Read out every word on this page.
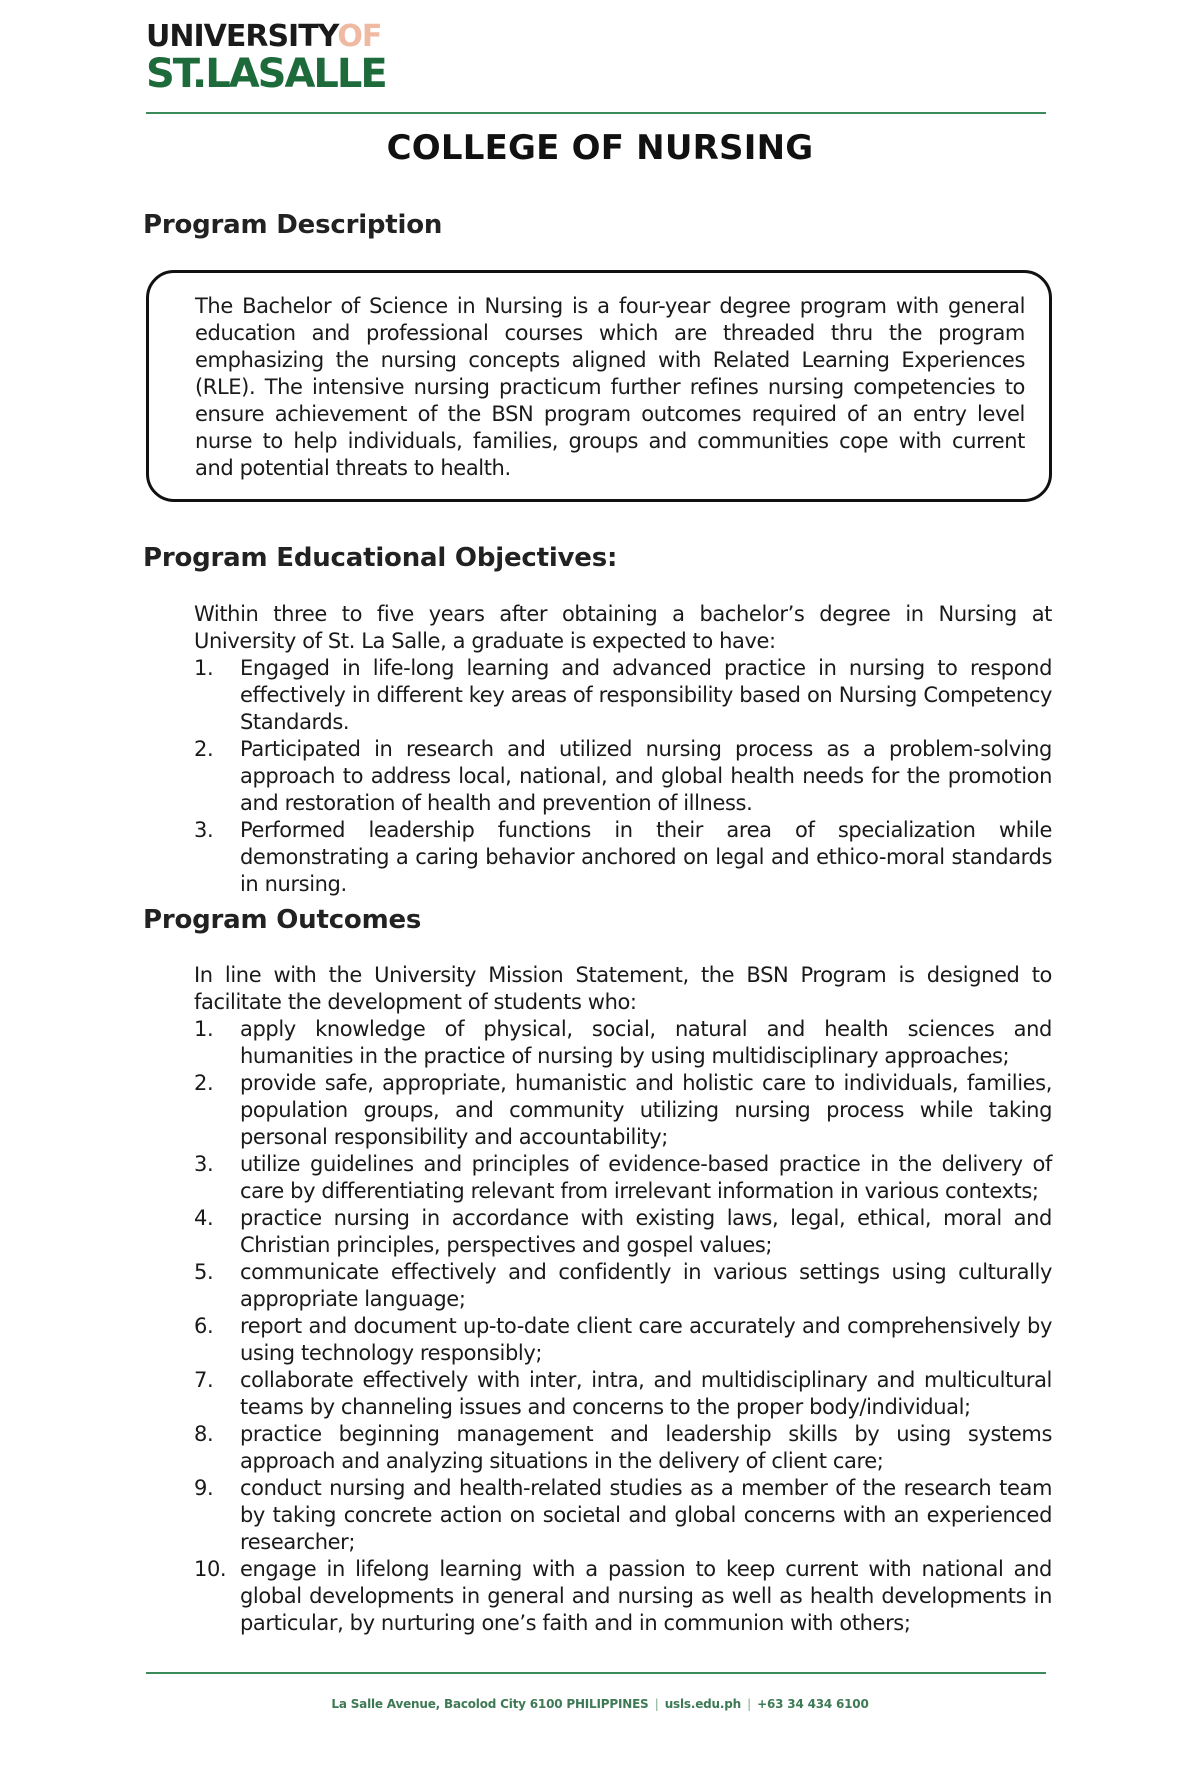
UNIVERSITYOF
ST.LASALLE
COLLEGE OF NURSING
Program Description
The Bachelor of Science in Nursing is a four-year degree program with general education and professional courses which are threaded thru the program emphasizing the nursing concepts aligned with Related Learning Experiences (RLE). The intensive nursing practicum further refines nursing competencies to ensure achievement of the BSN program outcomes required of an entry level nurse to help individuals, families, groups and communities cope with current and potential threats to health.
Program Educational Objectives:
Within three to five years after obtaining a bachelor’s degree in Nursing at University of St. La Salle, a graduate is expected to have:
1. Engaged in life-long learning and advanced practice in nursing to respond effectively in different key areas of responsibility based on Nursing Competency Standards.
2. Participated in research and utilized nursing process as a problem-solving approach to address local, national, and global health needs for the promotion and restoration of health and prevention of illness.
3. Performed leadership functions in their area of specialization while demonstrating a caring behavior anchored on legal and ethico-moral standards in nursing.
Program Outcomes
In line with the University Mission Statement, the BSN Program is designed to facilitate the development of students who:
1. apply knowledge of physical, social, natural and health sciences and humanities in the practice of nursing by using multidisciplinary approaches;
2. provide safe, appropriate, humanistic and holistic care to individuals, families, population groups, and community utilizing nursing process while taking personal responsibility and accountability;
3. utilize guidelines and principles of evidence-based practice in the delivery of care by differentiating relevant from irrelevant information in various contexts;
4. practice nursing in accordance with existing laws, legal, ethical, moral and Christian principles, perspectives and gospel values;
5. communicate effectively and confidently in various settings using culturally appropriate language;
6. report and document up-to-date client care accurately and comprehensively by using technology responsibly;
7. collaborate effectively with inter, intra, and multidisciplinary and multicultural teams by channeling issues and concerns to the proper body/individual;
8. practice beginning management and leadership skills by using systems approach and analyzing situations in the delivery of client care;
9. conduct nursing and health-related studies as a member of the research team by taking concrete action on societal and global concerns with an experienced researcher;
10. engage in lifelong learning with a passion to keep current with national and global developments in general and nursing as well as health developments in particular, by nurturing one’s faith and in communion with others;
La Salle Avenue, Bacolod City 6100 PHILIPPINES | usls.edu.ph | +63 34 434 6100
